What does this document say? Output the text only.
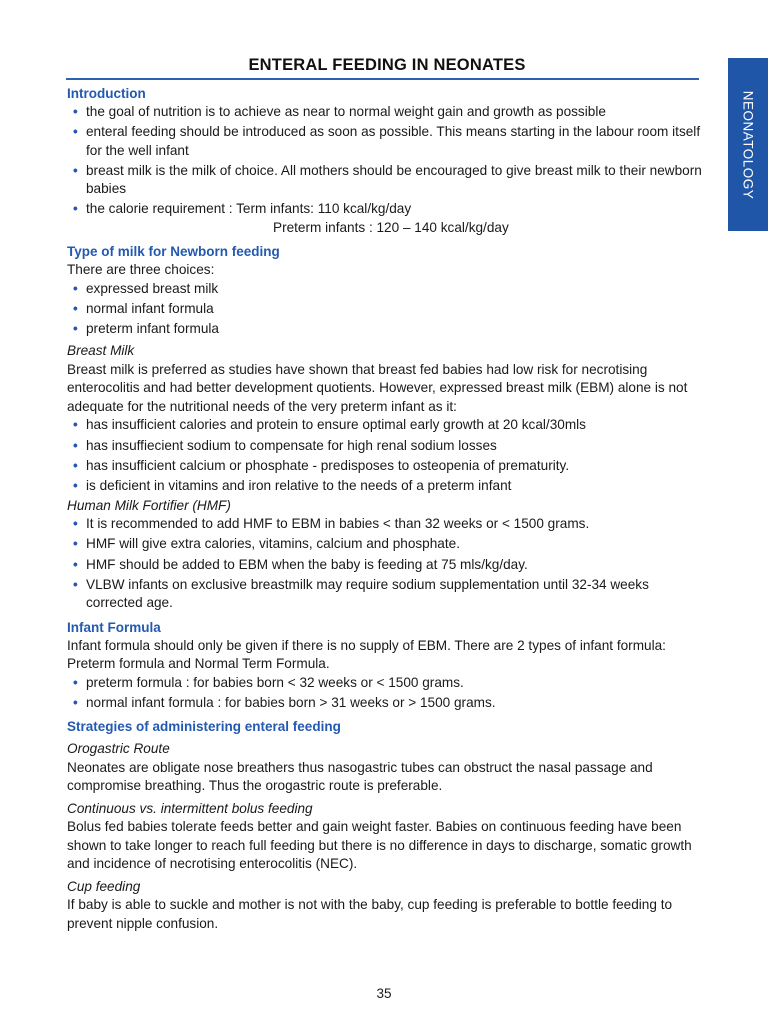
NEONATOLOGY
ENTERAL FEEDING IN NEONATES
Introduction
• the goal of nutrition is to achieve as near to normal weight gain and growth as possible
• enteral feeding should be introduced as soon as possible. This means starting in the labour room itself for the well infant
• breast milk is the milk of choice. All mothers should be encouraged to give breast milk to their newborn babies
• the calorie requirement : Term infants: 110 kcal/kg/day
Preterm infants : 120 – 140 kcal/kg/day
Type of milk for Newborn feeding

There are three choices:

• expressed breast milk
• normal infant formula
• preterm infant formula
Breast Milk

Breast milk is preferred as studies have shown that breast fed babies had low risk for necrotising enterocolitis and had better development quotients. However, expressed breast milk (EBM) alone is not adequate for the nutritional needs of the very preterm infant as it:

• has insufficient calories and protein to ensure optimal early growth at 20 kcal/30mls
• has insuffiecient sodium to compensate for high renal sodium losses
• has insufficient calcium or phosphate - predisposes to osteopenia of prematurity.
• is deficient in vitamins and iron relative to the needs of a preterm infant
Human Milk Fortifier (HMF)
• It is recommended to add HMF to EBM in babies < than 32 weeks or < 1500 grams.
• HMF will give extra calories, vitamins, calcium and phosphate.
• HMF should be added to EBM when the baby is feeding at 75 mls/kg/day.
• VLBW infants on exclusive breastmilk may require sodium supplementation until 32-34 weeks corrected age.
Infant Formula

Infant formula should only be given if there is no supply of EBM. There are 2 types of infant formula: Preterm formula and Normal Term Formula.

• preterm formula : for babies born < 32 weeks or < 1500 grams.
• normal infant formula : for babies born > 31 weeks or > 1500 grams.
Strategies of administering enteral feeding
Orogastric Route

Neonates are obligate nose breathers thus nasogastric tubes can obstruct the nasal passage and compromise breathing. Thus the orogastric route is preferable.

Continuous vs. intermittent bolus feeding

Bolus fed babies tolerate feeds better and gain weight faster. Babies on continuous feeding have been shown to take longer to reach full feeding but there is no difference in days to discharge, somatic growth and incidence of necrotising enterocolitis (NEC).

Cup feeding

If baby is able to suckle and mother is not with the baby, cup feeding is preferable to bottle feeding to prevent nipple confusion.

35
